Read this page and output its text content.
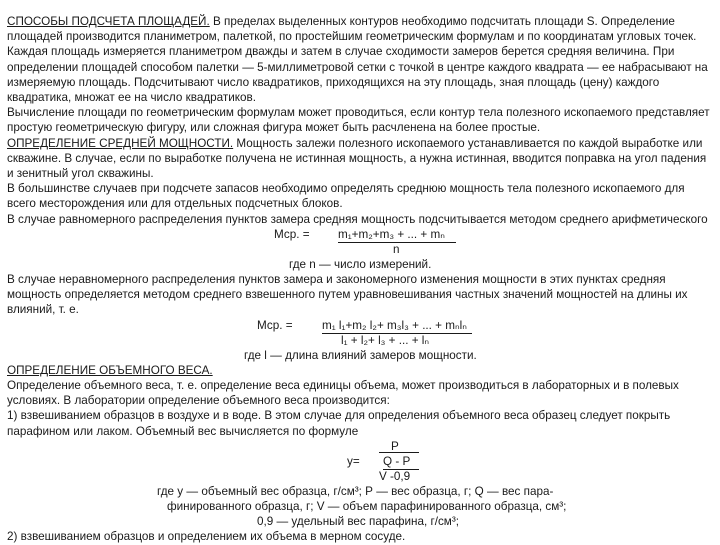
СПОСОБЫ ПОДСЧЕТА ПЛОЩАДЕЙ. В пределах выделенных контуров необходимо подсчитать площади S. Определение площадей производится планиметром, палеткой, по простейшим геометрическим формулам и по координатам угловых точек. Каждая площадь измеряется планиметром дважды и затем в случае сходимости замеров берется средняя величина. При определении площадей способом палетки — 5-миллиметровой сетки с точкой в центре каждого квадрата — ее набрасывают на измеряемую площадь. Подсчитывают число квадратиков, приходящихся на эту площадь, зная площадь (цену) каждого квадратика, множат ее на число квадратиков.

Вычисление площади по геометрическим формулам может проводиться, если контур тела полезного ископаемого представляет простую геометрическую фигуру, или сложная фигура может быть расчленена на более простые.

ОПРЕДЕЛЕНИЕ СРЕДНЕЙ МОЩНОСТИ. Мощность залежи полезного ископаемого устанавливается по каждой выработке или скважине. В случае, если по выработке получена не истинная мощность, а нужна истинная, вводится поправка на угол падения и зенитный угол скважины.

В большинстве случаев при подсчете запасов необходимо определять среднюю мощность тела полезного ископаемого для всего месторождения или для отдельных подсчетных блоков.

В случае равномерного распределения пунктов замера средняя мощность подсчитывается методом среднего арифметического

Мср. = m₁+m₂+m₃ + ... + mₙ
n

где n — число измерений.

В случае неравномерного распределения пунктов замера и закономерного изменения мощности в этих пунктах средняя мощность определяется методом среднего взвешенного путем уравновешивания частных значений мощностей на длины их влияний, т. е.

Мср. =	m₁ l₁+m₂ l₂+ m₃l₃ + ... + mₙlₙ
l₁ + l₂+ l₃ + ... + lₙ

где l — длина влияний замеров мощности.

ОПРЕДЕЛЕНИЕ ОБЪЕМНОГО ВЕСА.

Определение объемного веса, т. е. определение веса единицы объема, может производиться в лабораторных и в полевых условиях. В лаборатории определение объемного веса производится:

1) взвешиванием образцов в воздухе и в воде. В этом случае для определения объемного веса образец следует покрыть парафином или лаком. Объемный вес вычисляется по формуле

P
y= Q - P
V -0,9

где у — объемный вес образца, г/см³; Р — вес образца, г; Q — вес пара-

финированного образца, г; V — объем парафинированного образца, см³;

0,9 — удельный вес парафина, г/см³;

2) взвешиванием образцов и определением их объема в мерном сосуде.
